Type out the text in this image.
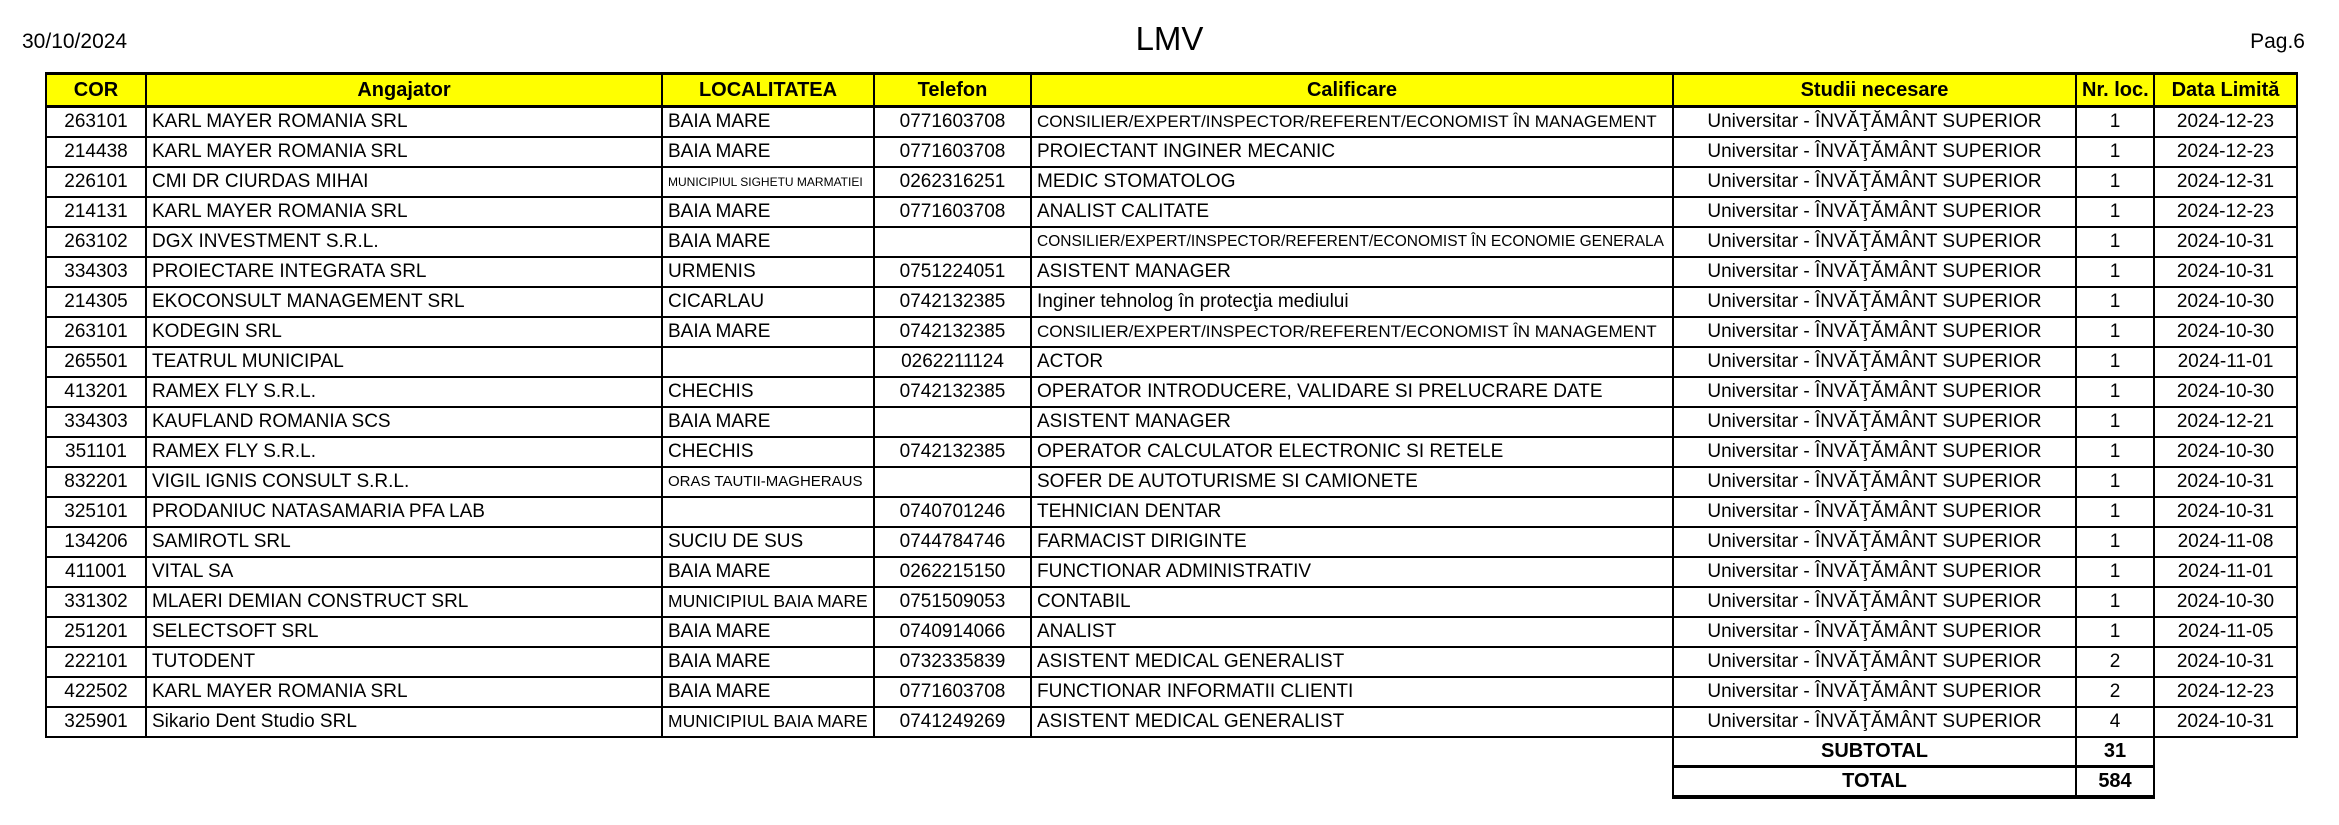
30/10/2024	LMV	Pag.6
COR	Angajator	LOCALITATEA	Telefon	Calificare	Studii necesare	Nr. loc.	Data Limită
263101	KARL MAYER ROMANIA SRL	BAIA MARE	0771603708	CONSILIER/EXPERT/INSPECTOR/REFERENT/ECONOMIST ÎN MANAGEMENT	Universitar - ÎNVĂŢĂMÂNT SUPERIOR	1	2024-12-23
214438	KARL MAYER ROMANIA SRL	BAIA MARE	0771603708	PROIECTANT INGINER MECANIC	Universitar - ÎNVĂŢĂMÂNT SUPERIOR	1	2024-12-23
226101	CMI DR CIURDAS MIHAI	MUNICIPIUL SIGHETU MARMATIEI	0262316251	MEDIC STOMATOLOG	Universitar - ÎNVĂŢĂMÂNT SUPERIOR	1	2024-12-31
214131	KARL MAYER ROMANIA SRL	BAIA MARE	0771603708	ANALIST CALITATE	Universitar - ÎNVĂŢĂMÂNT SUPERIOR	1	2024-12-23
263102	DGX INVESTMENT S.R.L.	BAIA MARE		CONSILIER/EXPERT/INSPECTOR/REFERENT/ECONOMIST ÎN ECONOMIE GENERALA	Universitar - ÎNVĂŢĂMÂNT SUPERIOR	1	2024-10-31
334303	PROIECTARE INTEGRATA SRL	URMENIS	0751224051	ASISTENT MANAGER	Universitar - ÎNVĂŢĂMÂNT SUPERIOR	1	2024-10-31
214305	EKOCONSULT MANAGEMENT SRL	CICARLAU	0742132385	Inginer tehnolog în protecţia mediului	Universitar - ÎNVĂŢĂMÂNT SUPERIOR	1	2024-10-30
263101	KODEGIN SRL	BAIA MARE	0742132385	CONSILIER/EXPERT/INSPECTOR/REFERENT/ECONOMIST ÎN MANAGEMENT	Universitar - ÎNVĂŢĂMÂNT SUPERIOR	1	2024-10-30
265501	TEATRUL MUNICIPAL		0262211124	ACTOR	Universitar - ÎNVĂŢĂMÂNT SUPERIOR	1	2024-11-01
413201	RAMEX FLY S.R.L.	CHECHIS	0742132385	OPERATOR INTRODUCERE, VALIDARE SI PRELUCRARE DATE	Universitar - ÎNVĂŢĂMÂNT SUPERIOR	1	2024-10-30
334303	KAUFLAND ROMANIA SCS	BAIA MARE		ASISTENT MANAGER	Universitar - ÎNVĂŢĂMÂNT SUPERIOR	1	2024-12-21
351101	RAMEX FLY S.R.L.	CHECHIS	0742132385	OPERATOR CALCULATOR ELECTRONIC SI RETELE	Universitar - ÎNVĂŢĂMÂNT SUPERIOR	1	2024-10-30
832201	VIGIL IGNIS CONSULT S.R.L.	ORAS TAUTII-MAGHERAUS		SOFER DE AUTOTURISME SI CAMIONETE	Universitar - ÎNVĂŢĂMÂNT SUPERIOR	1	2024-10-31
325101	PRODANIUC NATASAMARIA PFA LAB		0740701246	TEHNICIAN DENTAR	Universitar - ÎNVĂŢĂMÂNT SUPERIOR	1	2024-10-31
134206	SAMIROTL SRL	SUCIU DE SUS	0744784746	FARMACIST DIRIGINTE	Universitar - ÎNVĂŢĂMÂNT SUPERIOR	1	2024-11-08
411001	VITAL SA	BAIA MARE	0262215150	FUNCTIONAR ADMINISTRATIV	Universitar - ÎNVĂŢĂMÂNT SUPERIOR	1	2024-11-01
331302	MLAERI DEMIAN CONSTRUCT SRL	MUNICIPIUL BAIA MARE	0751509053	CONTABIL	Universitar - ÎNVĂŢĂMÂNT SUPERIOR	1	2024-10-30
251201	SELECTSOFT SRL	BAIA MARE	0740914066	ANALIST	Universitar - ÎNVĂŢĂMÂNT SUPERIOR	1	2024-11-05
222101	TUTODENT	BAIA MARE	0732335839	ASISTENT MEDICAL GENERALIST	Universitar - ÎNVĂŢĂMÂNT SUPERIOR	2	2024-10-31
422502	KARL MAYER ROMANIA SRL	BAIA MARE	0771603708	FUNCTIONAR INFORMATII CLIENTI	Universitar - ÎNVĂŢĂMÂNT SUPERIOR	2	2024-12-23
325901	Sikario Dent Studio SRL	MUNICIPIUL BAIA MARE	0741249269	ASISTENT MEDICAL GENERALIST	Universitar - ÎNVĂŢĂMÂNT SUPERIOR	4	2024-10-31
					SUBTOTAL	31	
					TOTAL	584	
